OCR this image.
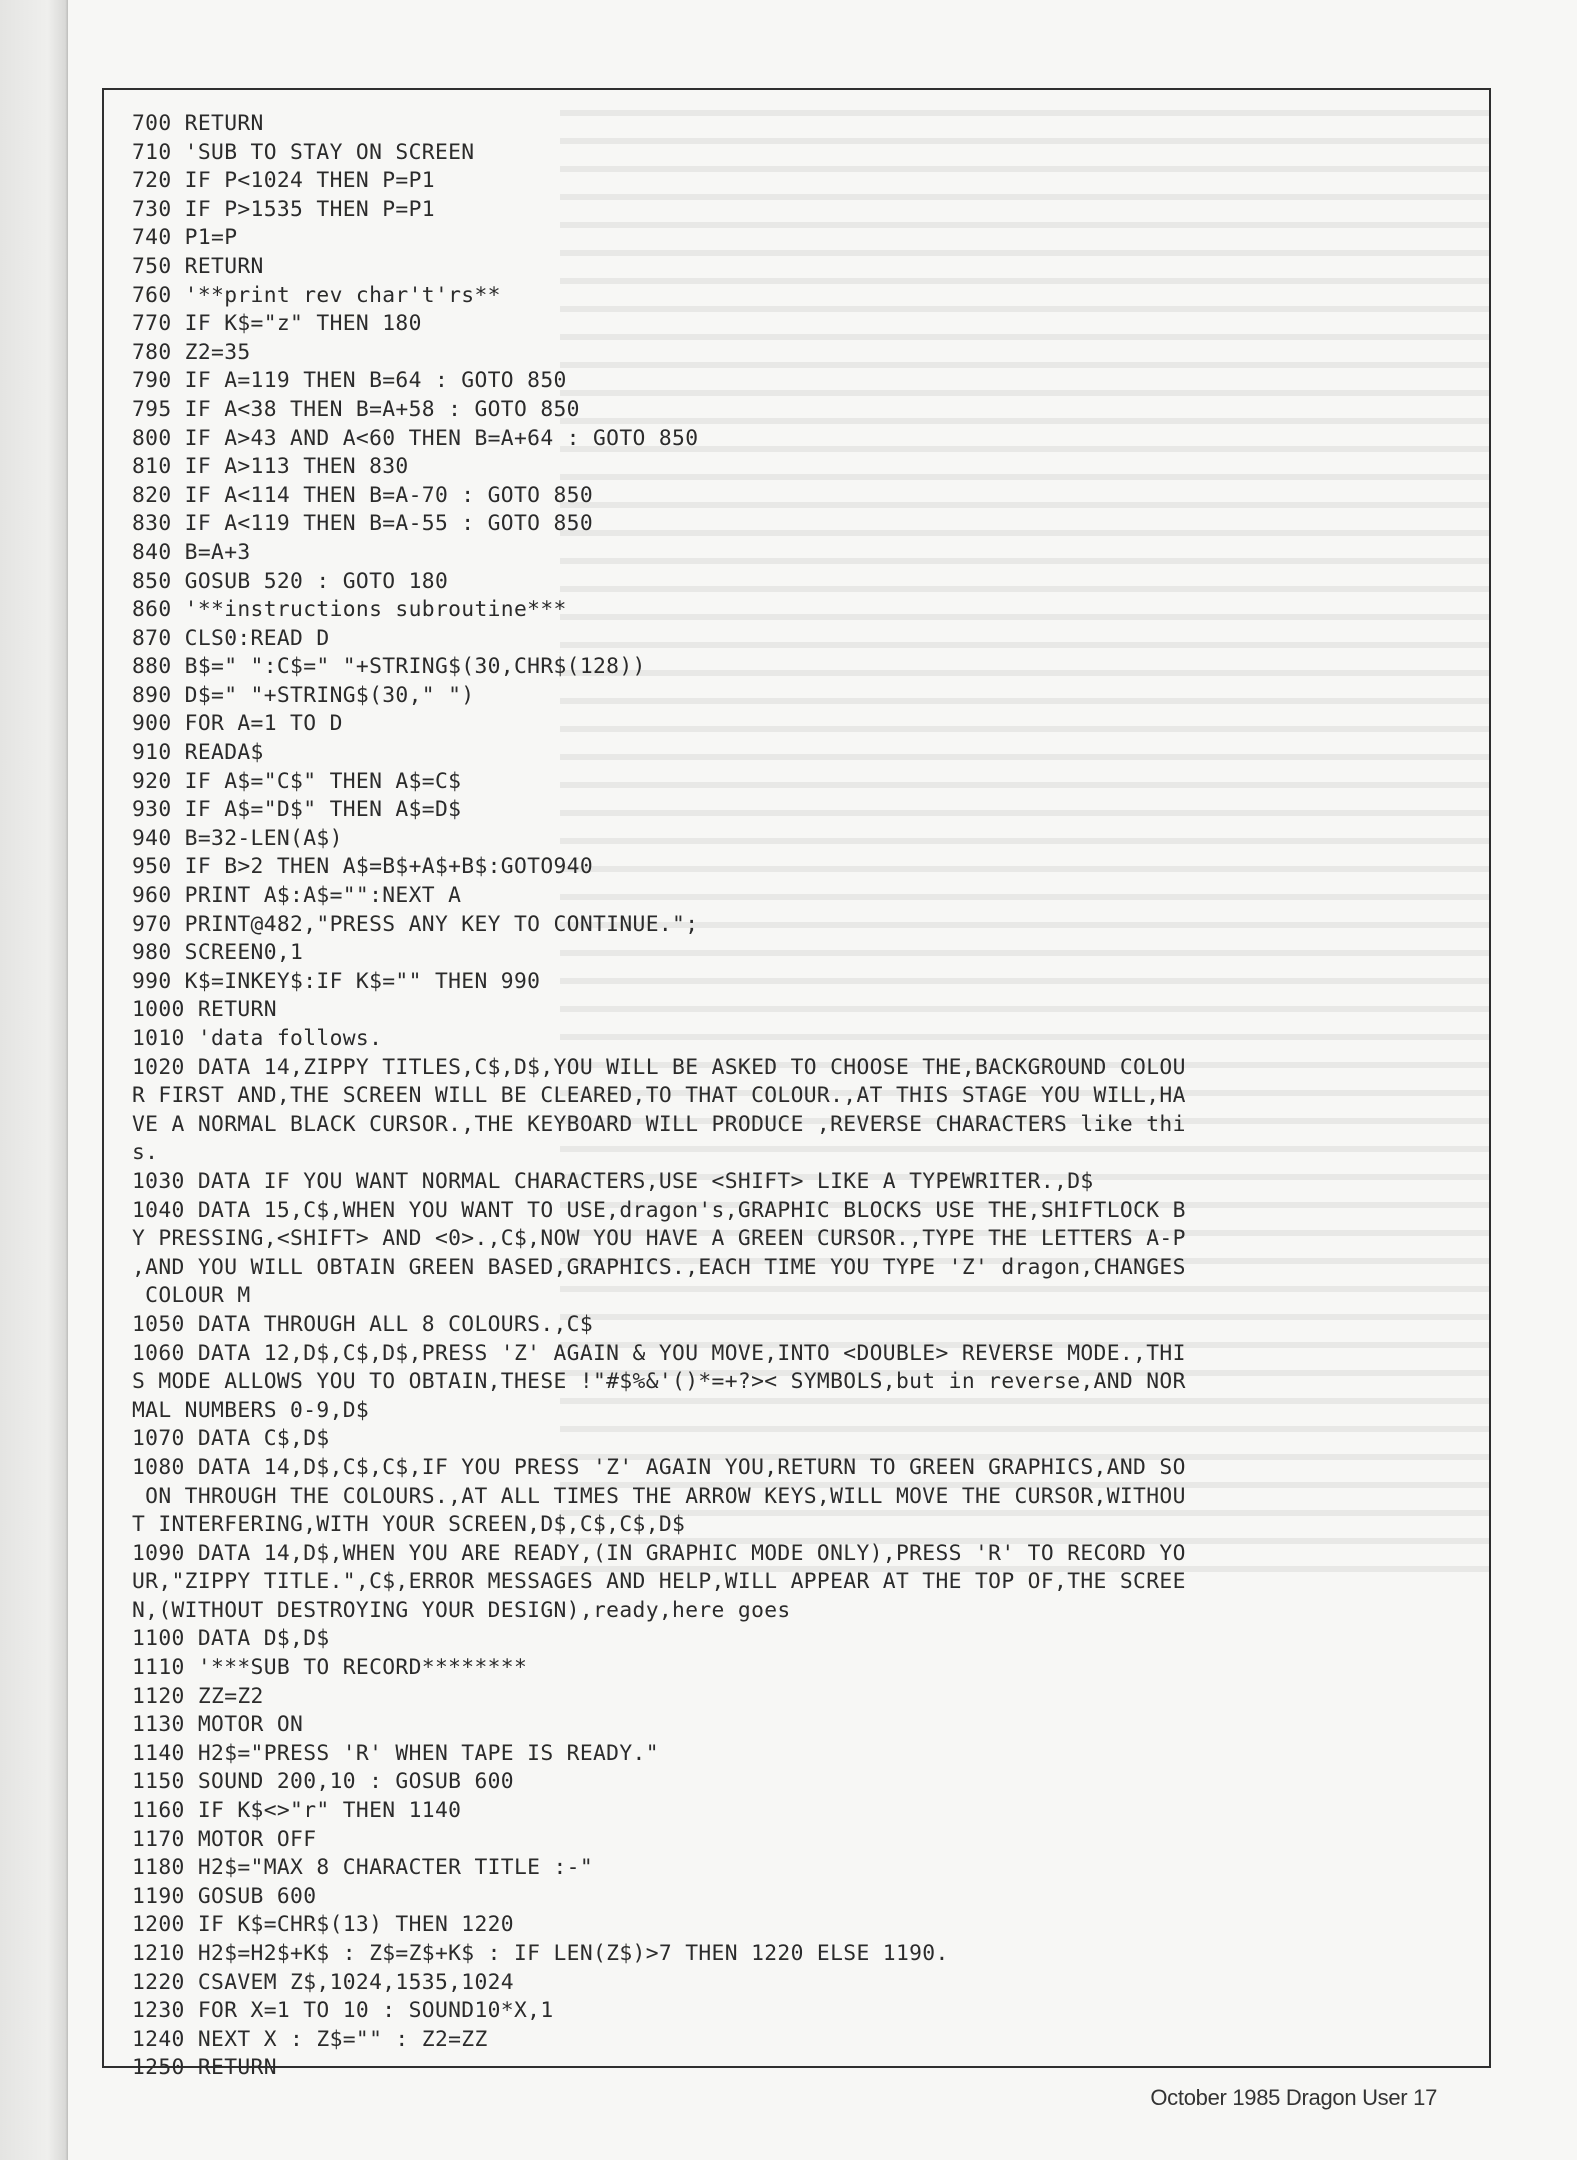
700 RETURN
710 'SUB TO STAY ON SCREEN
720 IF P<1024 THEN P=P1
730 IF P>1535 THEN P=P1
740 P1=P
750 RETURN
760 '**print rev char't'rs**
770 IF K$="z" THEN 180
780 Z2=35
790 IF A=119 THEN B=64 : GOTO 850
795 IF A<38 THEN B=A+58 : GOTO 850
800 IF A>43 AND A<60 THEN B=A+64 : GOTO 850
810 IF A>113 THEN 830
820 IF A<114 THEN B=A-70 : GOTO 850
830 IF A<119 THEN B=A-55 : GOTO 850
840 B=A+3
850 GOSUB 520 : GOTO 180
860 '**instructions subroutine***
870 CLS0:READ D
880 B$=" ":C$=" "+STRING$(30,CHR$(128))
890 D$=" "+STRING$(30," ")
900 FOR A=1 TO D
910 READA$
920 IF A$="C$" THEN A$=C$
930 IF A$="D$" THEN A$=D$
940 B=32-LEN(A$)
950 IF B>2 THEN A$=B$+A$+B$:GOTO940
960 PRINT A$:A$="":NEXT A
970 PRINT@482,"PRESS ANY KEY TO CONTINUE.";
980 SCREEN0,1
990 K$=INKEY$:IF K$="" THEN 990
1000 RETURN
1010 'data follows.
1020 DATA 14,ZIPPY TITLES,C$,D$,YOU WILL BE ASKED TO CHOOSE THE,BACKGROUND COLOU
R FIRST AND,THE SCREEN WILL BE CLEARED,TO THAT COLOUR.,AT THIS STAGE YOU WILL,HA
VE A NORMAL BLACK CURSOR.,THE KEYBOARD WILL PRODUCE ,REVERSE CHARACTERS like thi
s.
1030 DATA IF YOU WANT NORMAL CHARACTERS,USE <SHIFT> LIKE A TYPEWRITER.,D$
1040 DATA 15,C$,WHEN YOU WANT TO USE,dragon's,GRAPHIC BLOCKS USE THE,SHIFTLOCK B
Y PRESSING,<SHIFT> AND <0>.,C$,NOW YOU HAVE A GREEN CURSOR.,TYPE THE LETTERS A-P
,AND YOU WILL OBTAIN GREEN BASED,GRAPHICS.,EACH TIME YOU TYPE 'Z' dragon,CHANGES
COLOUR M
1050 DATA THROUGH ALL 8 COLOURS.,C$
1060 DATA 12,D$,C$,D$,PRESS 'Z' AGAIN & YOU MOVE,INTO <DOUBLE> REVERSE MODE.,THI
S MODE ALLOWS YOU TO OBTAIN,THESE !"#$%&'()*=+?>< SYMBOLS,but in reverse,AND NOR
MAL NUMBERS 0-9,D$
1070 DATA C$,D$
1080 DATA 14,D$,C$,C$,IF YOU PRESS 'Z' AGAIN YOU,RETURN TO GREEN GRAPHICS,AND SO
ON THROUGH THE COLOURS.,AT ALL TIMES THE ARROW KEYS,WILL MOVE THE CURSOR,WITHOU
T INTERFERING,WITH YOUR SCREEN,D$,C$,C$,D$
1090 DATA 14,D$,WHEN YOU ARE READY,(IN GRAPHIC MODE ONLY),PRESS 'R' TO RECORD YO
UR,"ZIPPY TITLE.",C$,ERROR MESSAGES AND HELP,WILL APPEAR AT THE TOP OF,THE SCREE
N,(WITHOUT DESTROYING YOUR DESIGN),ready,here goes
1100 DATA D$,D$
1110 '***SUB TO RECORD********
1120 ZZ=Z2
1130 MOTOR ON
1140 H2$="PRESS 'R' WHEN TAPE IS READY."
1150 SOUND 200,10 : GOSUB 600
1160 IF K$<>"r" THEN 1140
1170 MOTOR OFF
1180 H2$="MAX 8 CHARACTER TITLE :-"
1190 GOSUB 600
1200 IF K$=CHR$(13) THEN 1220
1210 H2$=H2$+K$ : Z$=Z$+K$ : IF LEN(Z$)>7 THEN 1220 ELSE 1190.
1220 CSAVEM Z$,1024,1535,1024
1230 FOR X=1 TO 10 : SOUND10*X,1
1240 NEXT X : Z$="" : Z2=ZZ
1250 RETURN
October 1985 Dragon User 17
